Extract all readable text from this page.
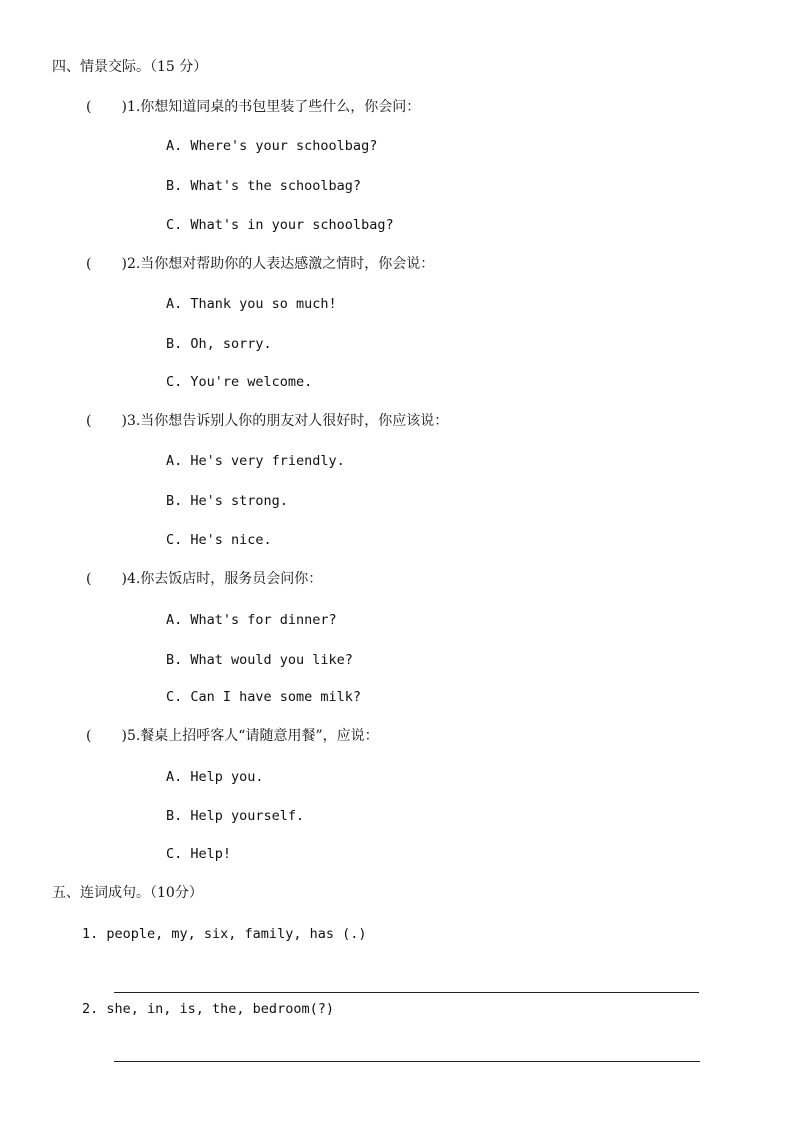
四、情景交际。（15 分）
( )1.你想知道同桌的书包里装了些什么，你会问：
A. Where's your schoolbag?
B. What's the schoolbag?
C. What's in your schoolbag?
( )2.当你想对帮助你的人表达感激之情时，你会说：
A. Thank you so much!
B. Oh, sorry.
C. You're welcome.
( )3.当你想告诉别人你的朋友对人很好时，你应该说：
A. He's very friendly.
B. He's strong.
C. He's nice.
( )4.你去饭店时，服务员会问你：
A. What's for dinner?
B. What would you like?
C. Can I have some milk?
( )5.餐桌上招呼客人“请随意用餐”，应说：
A. Help you.
B. Help yourself.
C. Help!
五、连词成句。（10分）
1. people, my, six, family, has (.)
2. she, in, is, the, bedroom(?)
